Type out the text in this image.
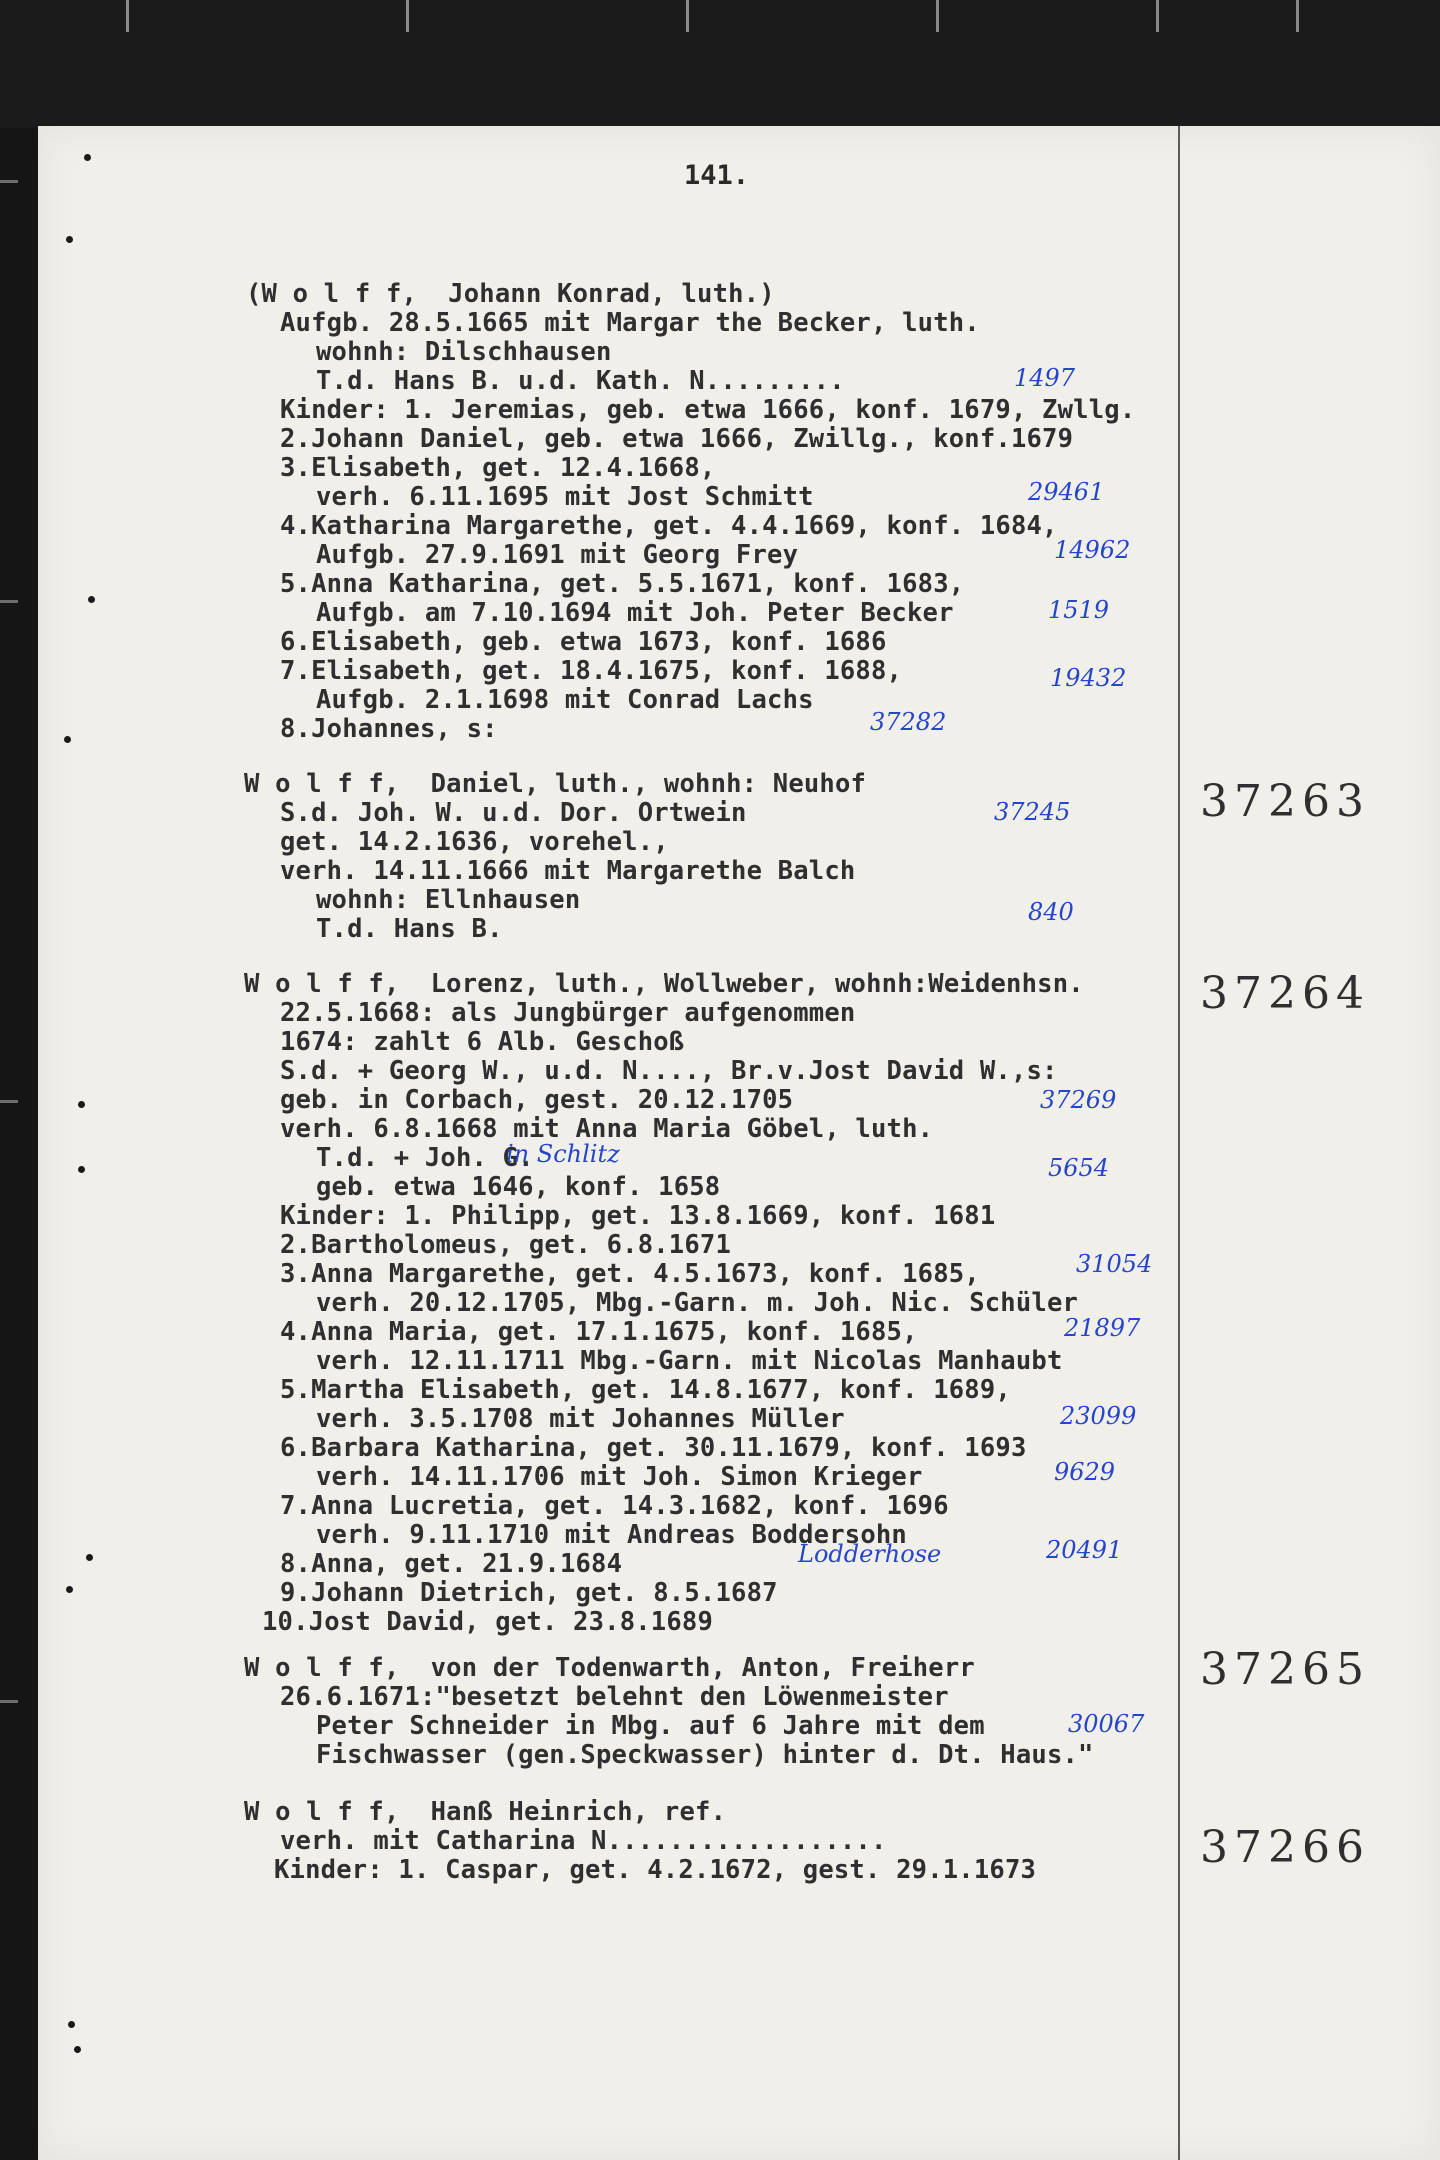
141.
(W o l f f,  Johann Konrad, luth.)
Aufgb. 28.5.1665 mit Margar the Becker, luth.
wohnh: Dilschhausen
T.d. Hans B. u.d. Kath. N.........
Kinder: 1. Jeremias, geb. etwa 1666, konf. 1679, Zwllg.
2.Johann Daniel, geb. etwa 1666, Zwillg., konf.1679
3.Elisabeth, get. 12.4.1668,
verh. 6.11.1695 mit Jost Schmitt
4.Katharina Margarethe, get. 4.4.1669, konf. 1684,
Aufgb. 27.9.1691 mit Georg Frey
5.Anna Katharina, get. 5.5.1671, konf. 1683,
Aufgb. am 7.10.1694 mit Joh. Peter Becker
6.Elisabeth, geb. etwa 1673, konf. 1686
7.Elisabeth, get. 18.4.1675, konf. 1688,
Aufgb. 2.1.1698 mit Conrad Lachs
8.Johannes, s:
1497
29461
14962
1519
19432
37282
37263
W o l f f,  Daniel, luth., wohnh: Neuhof
S.d. Joh. W. u.d. Dor. Ortwein
get. 14.2.1636, vorehel.,
verh. 14.11.1666 mit Margarethe Balch
wohnh: Ellnhausen
T.d. Hans B.
37245
840
37264
W o l f f,  Lorenz, luth., Wollweber, wohnh:Weidenhsn.
22.5.1668: als Jungbürger aufgenommen
1674: zahlt 6 Alb. Geschoß
S.d. + Georg W., u.d. N...., Br.v.Jost David W.,s:
geb. in Corbach, gest. 20.12.1705
verh. 6.8.1668 mit Anna Maria Göbel, luth.
T.d. + Joh. G.
geb. etwa 1646, konf. 1658
Kinder: 1. Philipp, get. 13.8.1669, konf. 1681
2.Bartholomeus, get. 6.8.1671
3.Anna Margarethe, get. 4.5.1673, konf. 1685,
verh. 20.12.1705, Mbg.-Garn. m. Joh. Nic. Schüler
4.Anna Maria, get. 17.1.1675, konf. 1685,
verh. 12.11.1711 Mbg.-Garn. mit Nicolas Manhaubt
5.Martha Elisabeth, get. 14.8.1677, konf. 1689,
verh. 3.5.1708 mit Johannes Müller
6.Barbara Katharina, get. 30.11.1679, konf. 1693
verh. 14.11.1706 mit Joh. Simon Krieger
7.Anna Lucretia, get. 14.3.1682, konf. 1696
verh. 9.11.1710 mit Andreas Boddersohn
8.Anna, get. 21.9.1684
9.Johann Dietrich, get. 8.5.1687
10.Jost David, get. 23.8.1689
37269
in Schlitz	5654
31054
21897
23099
9629
Lodderhose	20491
37265
W o l f f,  von der Todenwarth, Anton, Freiherr
26.6.1671:"besetzt belehnt den Löwenmeister
Peter Schneider in Mbg. auf 6 Jahre mit dem
Fischwasser (gen.Speckwasser) hinter d. Dt. Haus."
30067
37266
W o l f f,  Hanß Heinrich, ref.
verh. mit Catharina N..................
Kinder: 1. Caspar, get. 4.2.1672, gest. 29.1.1673
